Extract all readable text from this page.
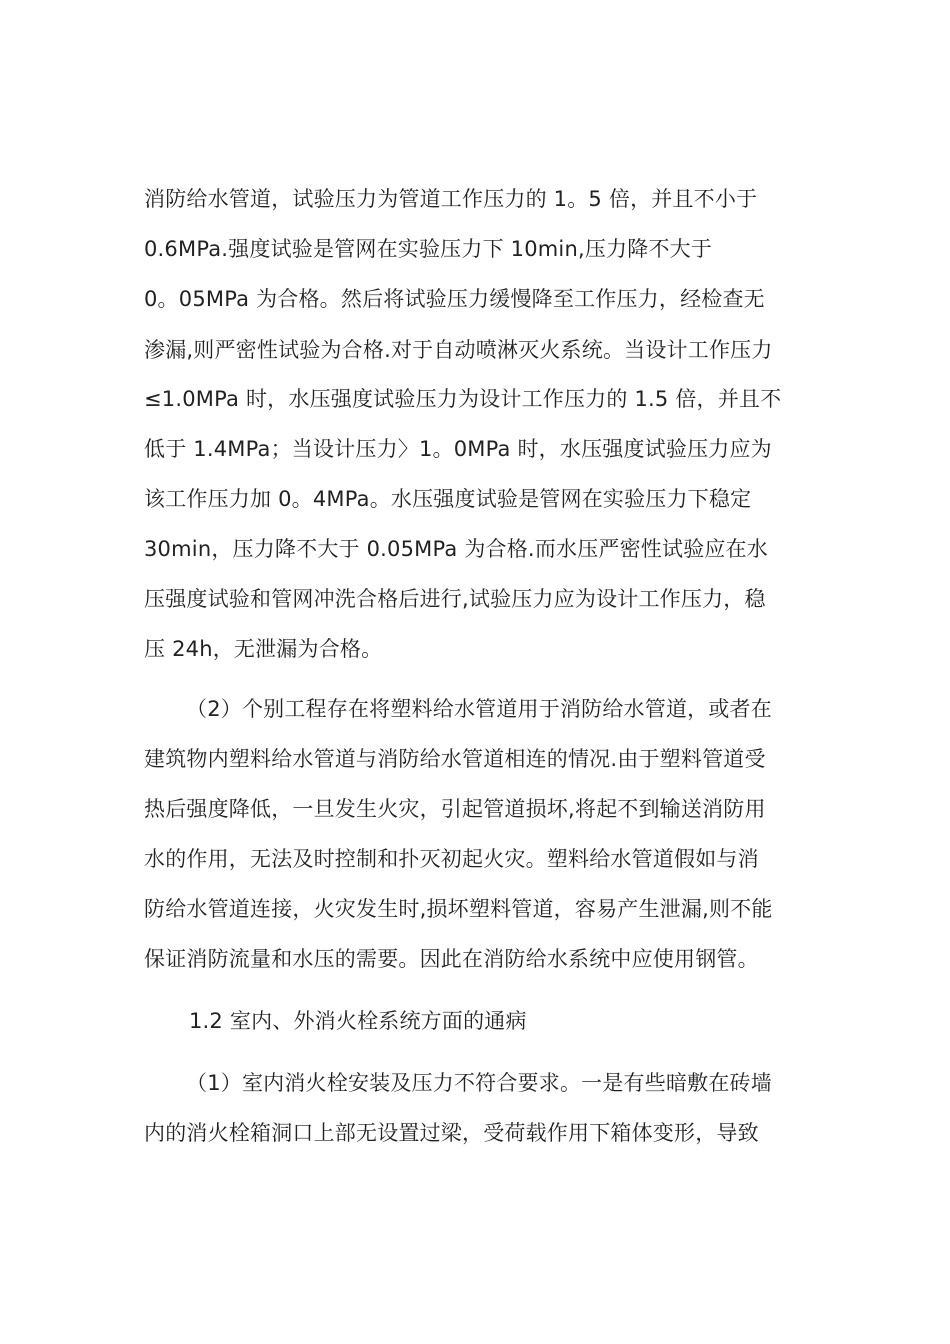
消防给水管道，试验压力为管道工作压力的 1。5 倍，并且不小于
0.6MPa.强度试验是管网在实验压力下 10min,压力降不大于
0。05MPa 为合格。然后将试验压力缓慢降至工作压力，经检查无
渗漏,则严密性试验为合格.对于自动喷淋灭火系统。当设计工作压力
≤1.0MPa 时，水压强度试验压力为设计工作压力的 1.5 倍，并且不
低于 1.4MPa；当设计压力〉1。0MPa 时，水压强度试验压力应为
该工作压力加 0。4MPa。水压强度试验是管网在实验压力下稳定
30min，压力降不大于 0.05MPa 为合格.而水压严密性试验应在水
压强度试验和管网冲洗合格后进行,试验压力应为设计工作压力，稳
压 24h，无泄漏为合格。
（2）个别工程存在将塑料给水管道用于消防给水管道，或者在
建筑物内塑料给水管道与消防给水管道相连的情况.由于塑料管道受
热后强度降低，一旦发生火灾，引起管道损坏,将起不到输送消防用
水的作用，无法及时控制和扑灭初起火灾。塑料给水管道假如与消
防给水管道连接，火灾发生时,损坏塑料管道，容易产生泄漏,则不能
保证消防流量和水压的需要。因此在消防给水系统中应使用钢管。
1.2 室内、外消火栓系统方面的通病
（1）室内消火栓安装及压力不符合要求。一是有些暗敷在砖墙
内的消火栓箱洞口上部无设置过梁，受荷载作用下箱体变形，导致
